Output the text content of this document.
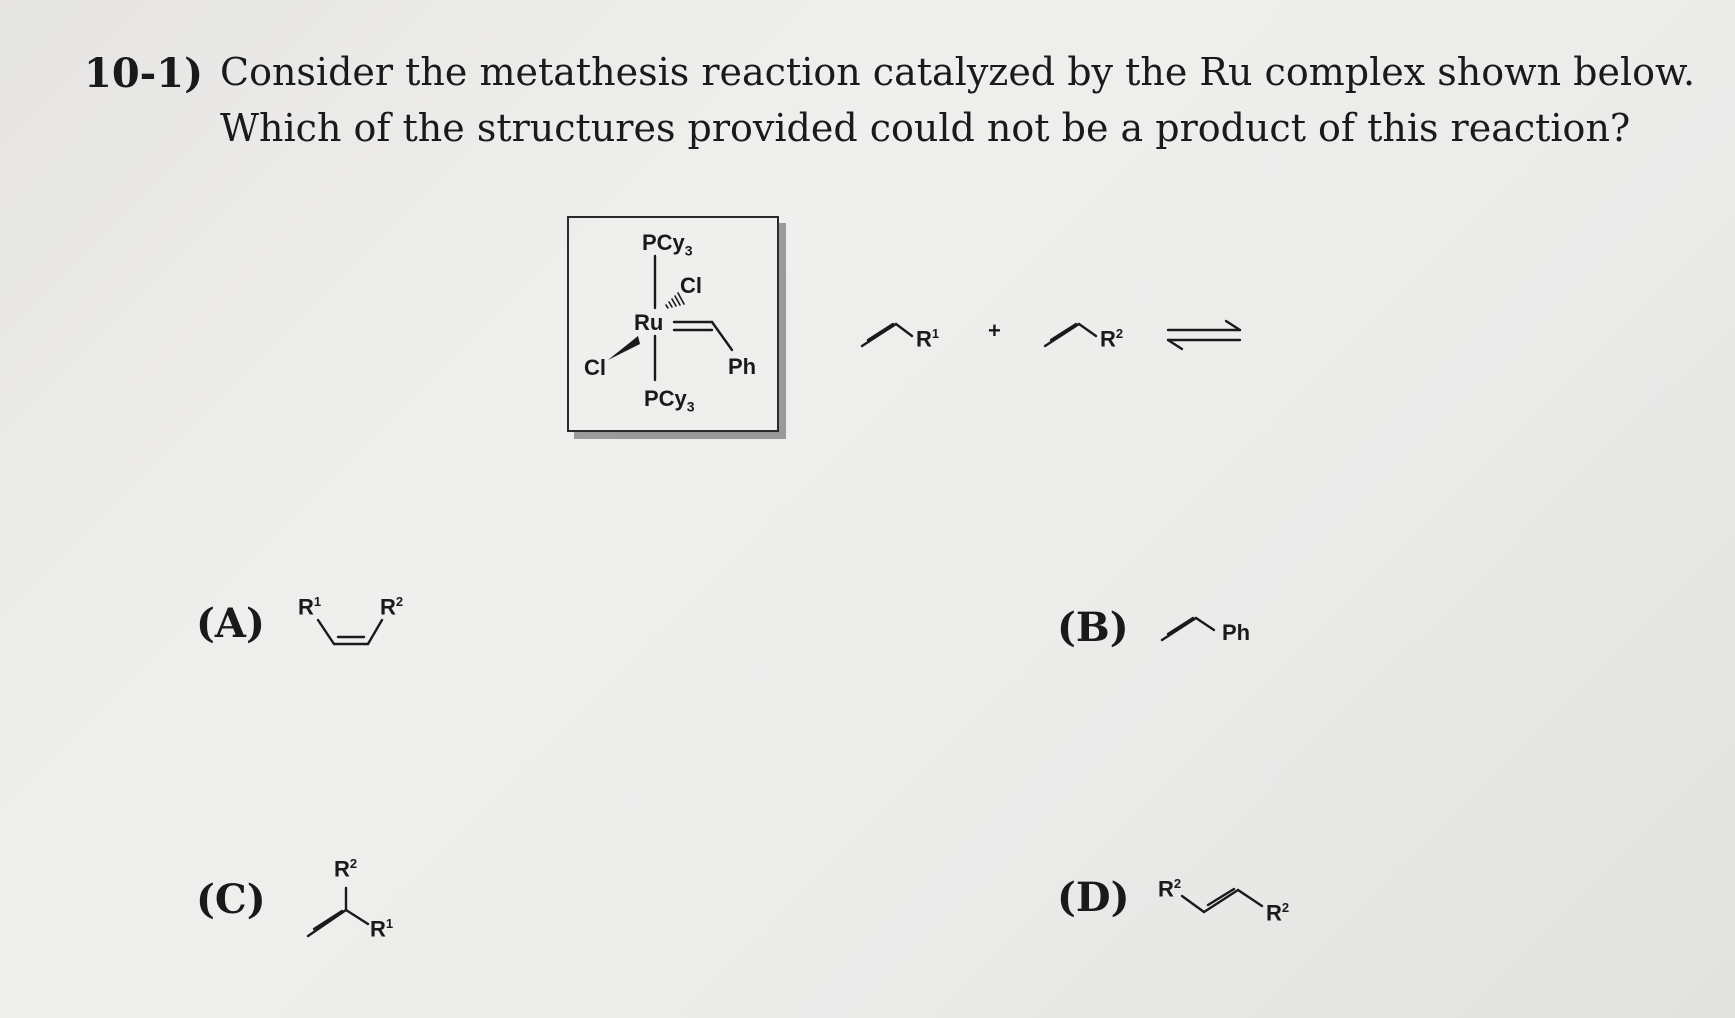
10-1) Consider the metathesis reaction catalyzed by the Ru complex shown below.
Which of the structures provided could not be a product of this reaction?
PCy$_3$
Cl
Ru
Cl	Ph
PCy$_3$
$R^1$ +	$R^2$
(A) $R^1$	$R^2$
(B)	Ph
(C)
$R^2$
$R^1$
(D) $R^2$
$R^2$
